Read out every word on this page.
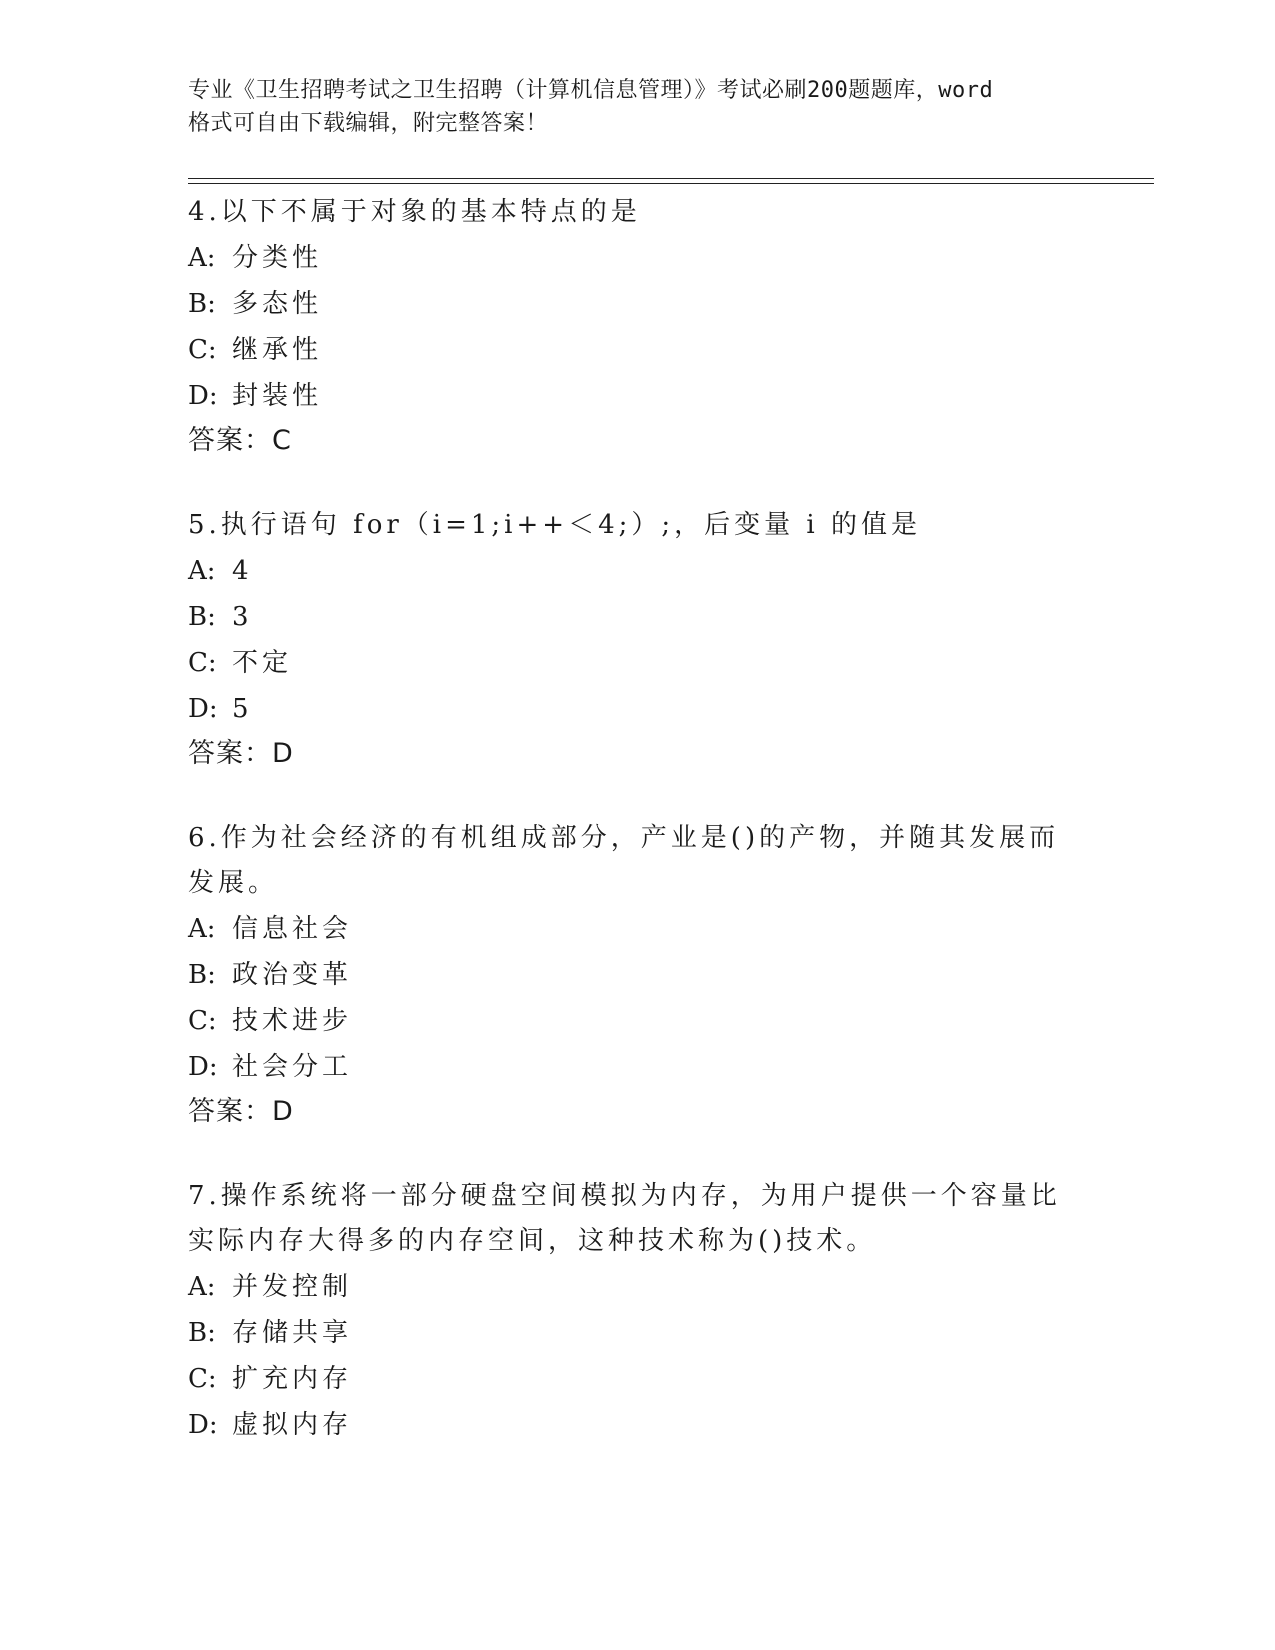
专业《卫生招聘考试之卫生招聘（计算机信息管理）》考试必刷200题题库，word
格式可自由下载编辑，附完整答案！
4.以下不属于对象的基本特点的是
A: 分类性
B: 多态性
C: 继承性
D: 封装性
答案：C
5.执行语句 for（i=1;i++＜4;）;，后变量 i 的值是
A: 4
B: 3
C: 不定
D: 5
答案：D
6.作为社会经济的有机组成部分，产业是()的产物，并随其发展而发展。
A: 信息社会
B: 政治变革
C: 技术进步
D: 社会分工
答案：D
7.操作系统将一部分硬盘空间模拟为内存，为用户提供一个容量比实际内存大得多的内存空间，这种技术称为()技术。
A: 并发控制
B: 存储共享
C: 扩充内存
D: 虚拟内存
